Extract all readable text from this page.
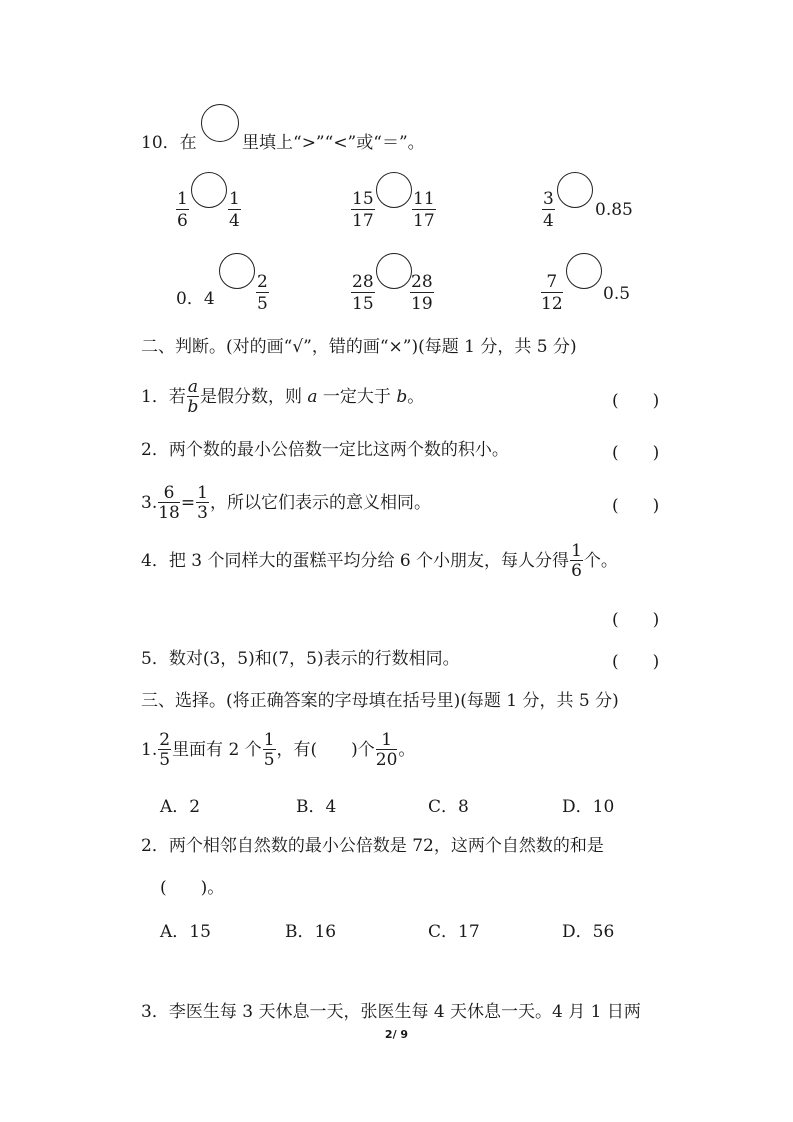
10．在	里填上“>”“<”或“＝”。
$\frac{1}{6} \frac{1}{4}$	$\frac{15}{17} \frac{11}{17}$	$\frac{3}{4} 0.85$
0．$4 \frac{2}{5}$	$\frac{28}{15} \frac{28}{19}$	$\frac{7}{12} 0.5$
二、判断。(对的画“√”，错的画“×”)(每题 1 分，共 5 分)
1．若 $\frac{a}{b}$ 是假分数，则 a 一定大于 b。	(　　)
2．两个数的最小公倍数一定比这两个数的积小。	(　　)
3. $\frac{6}{18} = \frac{1}{3}$ ，所以它们表示的意义相同。	(　　)
4．把 3 个同样大的蛋糕平均分给 6 个小朋友，每人分得 $\frac{1}{6}$ 个。
(　　)
5．数对(3，5)和(7，5)表示的行数相同。	(　　)
三、选择。(将正确答案的字母填在括号里)(每题 1 分，共 5 分)
1. $\frac{2}{5}$ 里面有 2 个 $\frac{1}{5}$ ，有(　　)个 $\frac{1}{20}$ 。
A．2	B．4	C．8	D．10
2．两个相邻自然数的最小公倍数是 72，这两个自然数的和是
(　　)。
A．15	B．16	C．17	D．56
3．李医生每 3 天休息一天，张医生每 4 天休息一天。4 月 1 日两
2/ 9
